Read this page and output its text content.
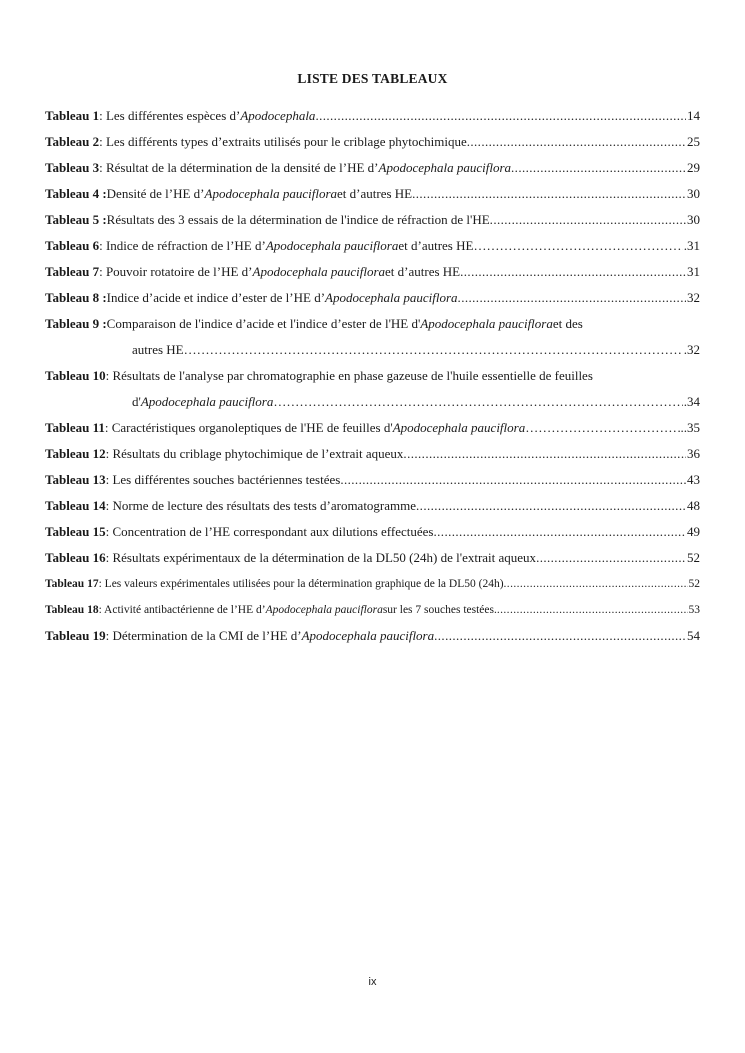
LISTE DES TABLEAUX
Tableau 1 : Les différentes espèces d’ Apodocephala .....	14
Tableau 2 : Les différents types d’extraits utilisés pour le criblage phytochimique .....	25
Tableau 3 : Résultat de la détermination de la densité de l’HE d’ Apodocephala pauciflora .....	29
Tableau 4 : Densité de l’HE d’ Apodocephala pauciflora et d’autres HE .....	30
Tableau 5 : Résultats des 3 essais de la détermination de l'indice de réfraction de l'HE .....	30
Tableau 6 : Indice de réfraction de l’HE d’ Apodocephala pauciflora et d’autres HE ……………………………………………………………………………………………………………………………………………………………………………	.31
Tableau 7 : Pouvoir rotatoire de l’HE d’ Apodocephala pauciflora et d’autres HE .....	31
Tableau 8 : Indice d’acide et indice d’ester de l’HE d’ Apodocephala pauciflora .....	32
Tableau 9 : Comparaison de l'indice d’acide et l'indice d’ester de l'HE d' Apodocephala pauciflora et des
autres HE ……………………………………………………………………………………………………………………………………………………………………………	.32
Tableau 10 : Résultats de l'analyse par chromatographie en phase gazeuse de l'huile essentielle de feuilles
d' Apodocephala pauciflora ……………………………………………………………………………………………………………………………………………………………………………	.34
Tableau 11 : Caractéristiques organoleptiques de l'HE de feuilles d' Apodocephala pauciflora ……………………………………………………………………………………………………………………………………………………………………………	..35
Tableau 12 : Résultats du criblage phytochimique de l’extrait aqueux .....	36
Tableau 13 : Les différentes souches bactériennes testées .....	43
Tableau 14 : Norme de lecture des résultats des tests d’aromatogramme .....	48
Tableau 15 : Concentration de l’HE correspondant aux dilutions effectuées .....	49
Tableau 16 : Résultats expérimentaux de la détermination de la DL50 (24h) de l'extrait aqueux .....	52
Tableau 17 : Les valeurs expérimentales utilisées pour la détermination graphique de la DL50 (24h) .....	52
Tableau 18 : Activité antibactérienne de l’HE d’ Apodocephala pauciflora sur les 7 souches testées. .....	53
Tableau 19 : Détermination de la CMI de l’HE d’ Apodocephala pauciflora .....	54
ix
